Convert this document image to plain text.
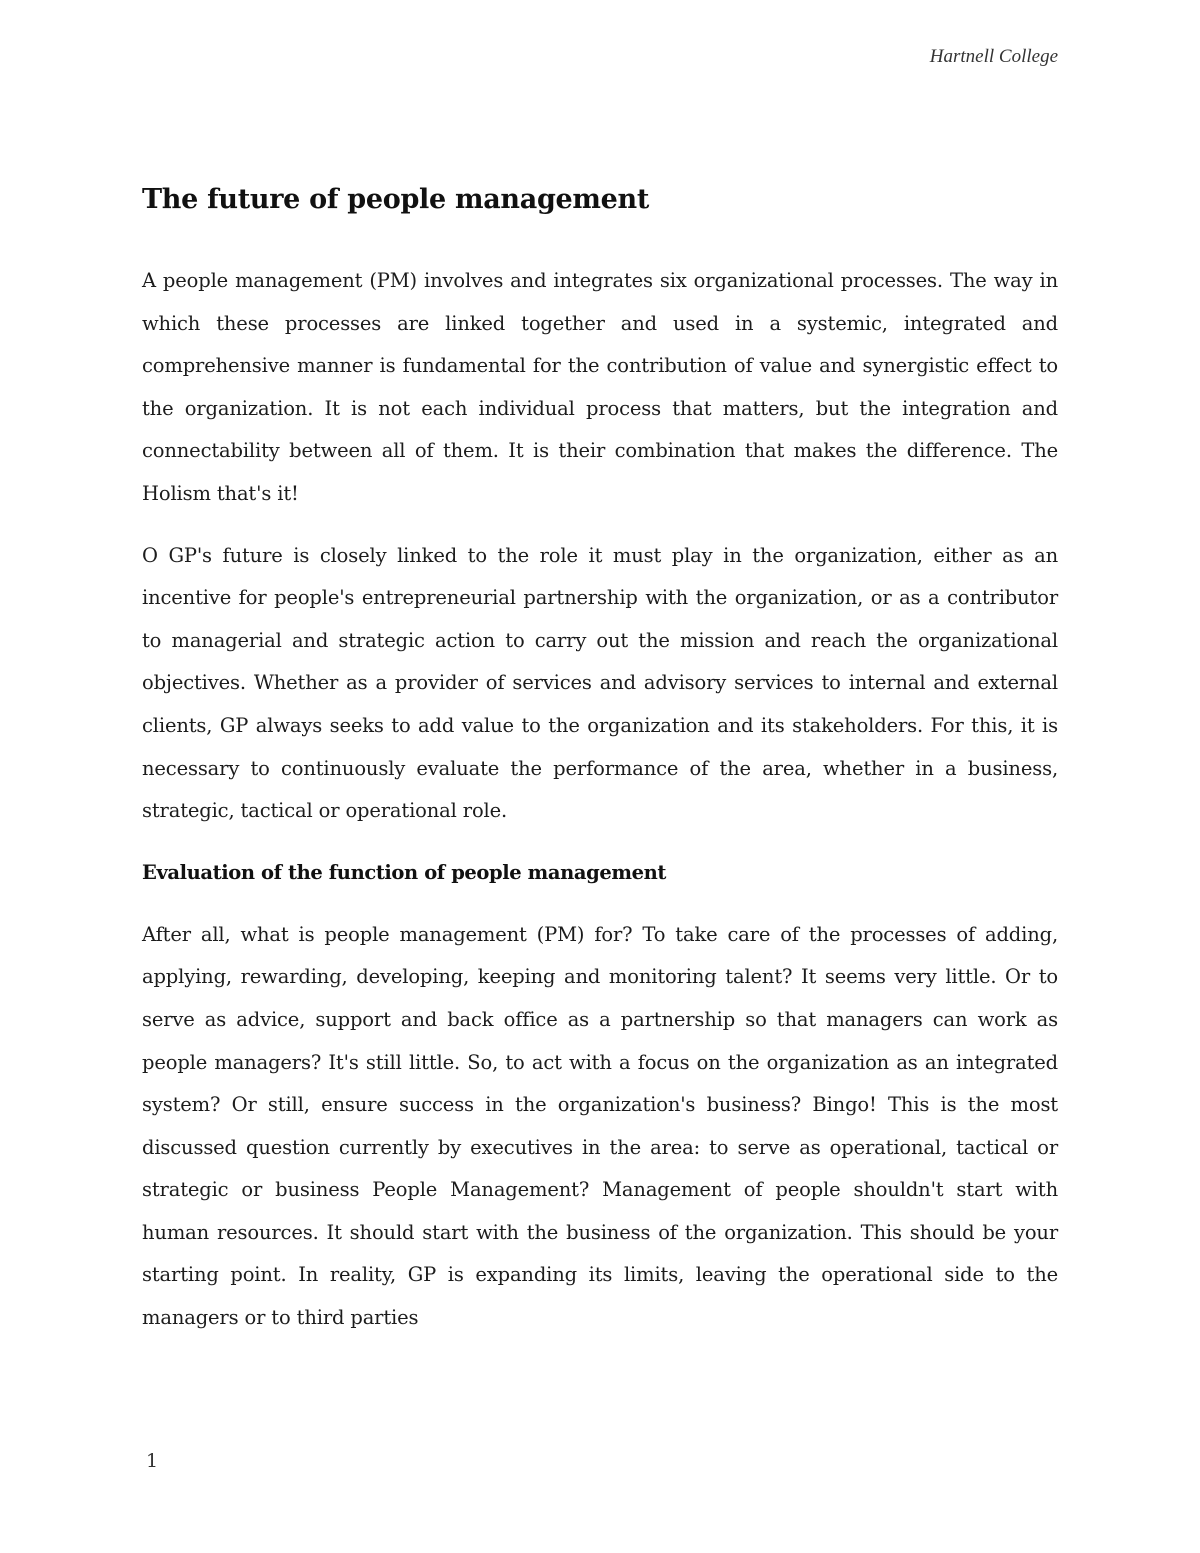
Hartnell College
The future of people management

A people management (PM) involves and integrates six organizational processes. The way in which these processes are linked together and used in a systemic, integrated and comprehensive manner is fundamental for the contribution of value and synergistic effect to the organization. It is not each individual process that matters, but the integration and connectability between all of them. It is their combination that makes the difference. The Holism that's it!

O GP's future is closely linked to the role it must play in the organization, either as an incentive for people's entrepreneurial partnership with the organization, or as a contributor to managerial and strategic action to carry out the mission and reach the organizational objectives. Whether as a provider of services and advisory services to internal and external clients, GP always seeks to add value to the organization and its stakeholders. For this, it is necessary to continuously evaluate the performance of the area, whether in a business, strategic, tactical or operational role.

Evaluation of the function of people management

After all, what is people management (PM) for? To take care of the processes of adding, applying, rewarding, developing, keeping and monitoring talent? It seems very little. Or to serve as advice, support and back office as a partnership so that managers can work as people managers? It's still little. So, to act with a focus on the organization as an integrated system? Or still, ensure success in the organization's business? Bingo! This is the most discussed question currently by executives in the area: to serve as operational, tactical or strategic or business People Management? Management of people shouldn't start with human resources. It should start with the business of the organization. This should be your starting point. In reality, GP is expanding its limits, leaving the operational side to the managers or to third parties

1
